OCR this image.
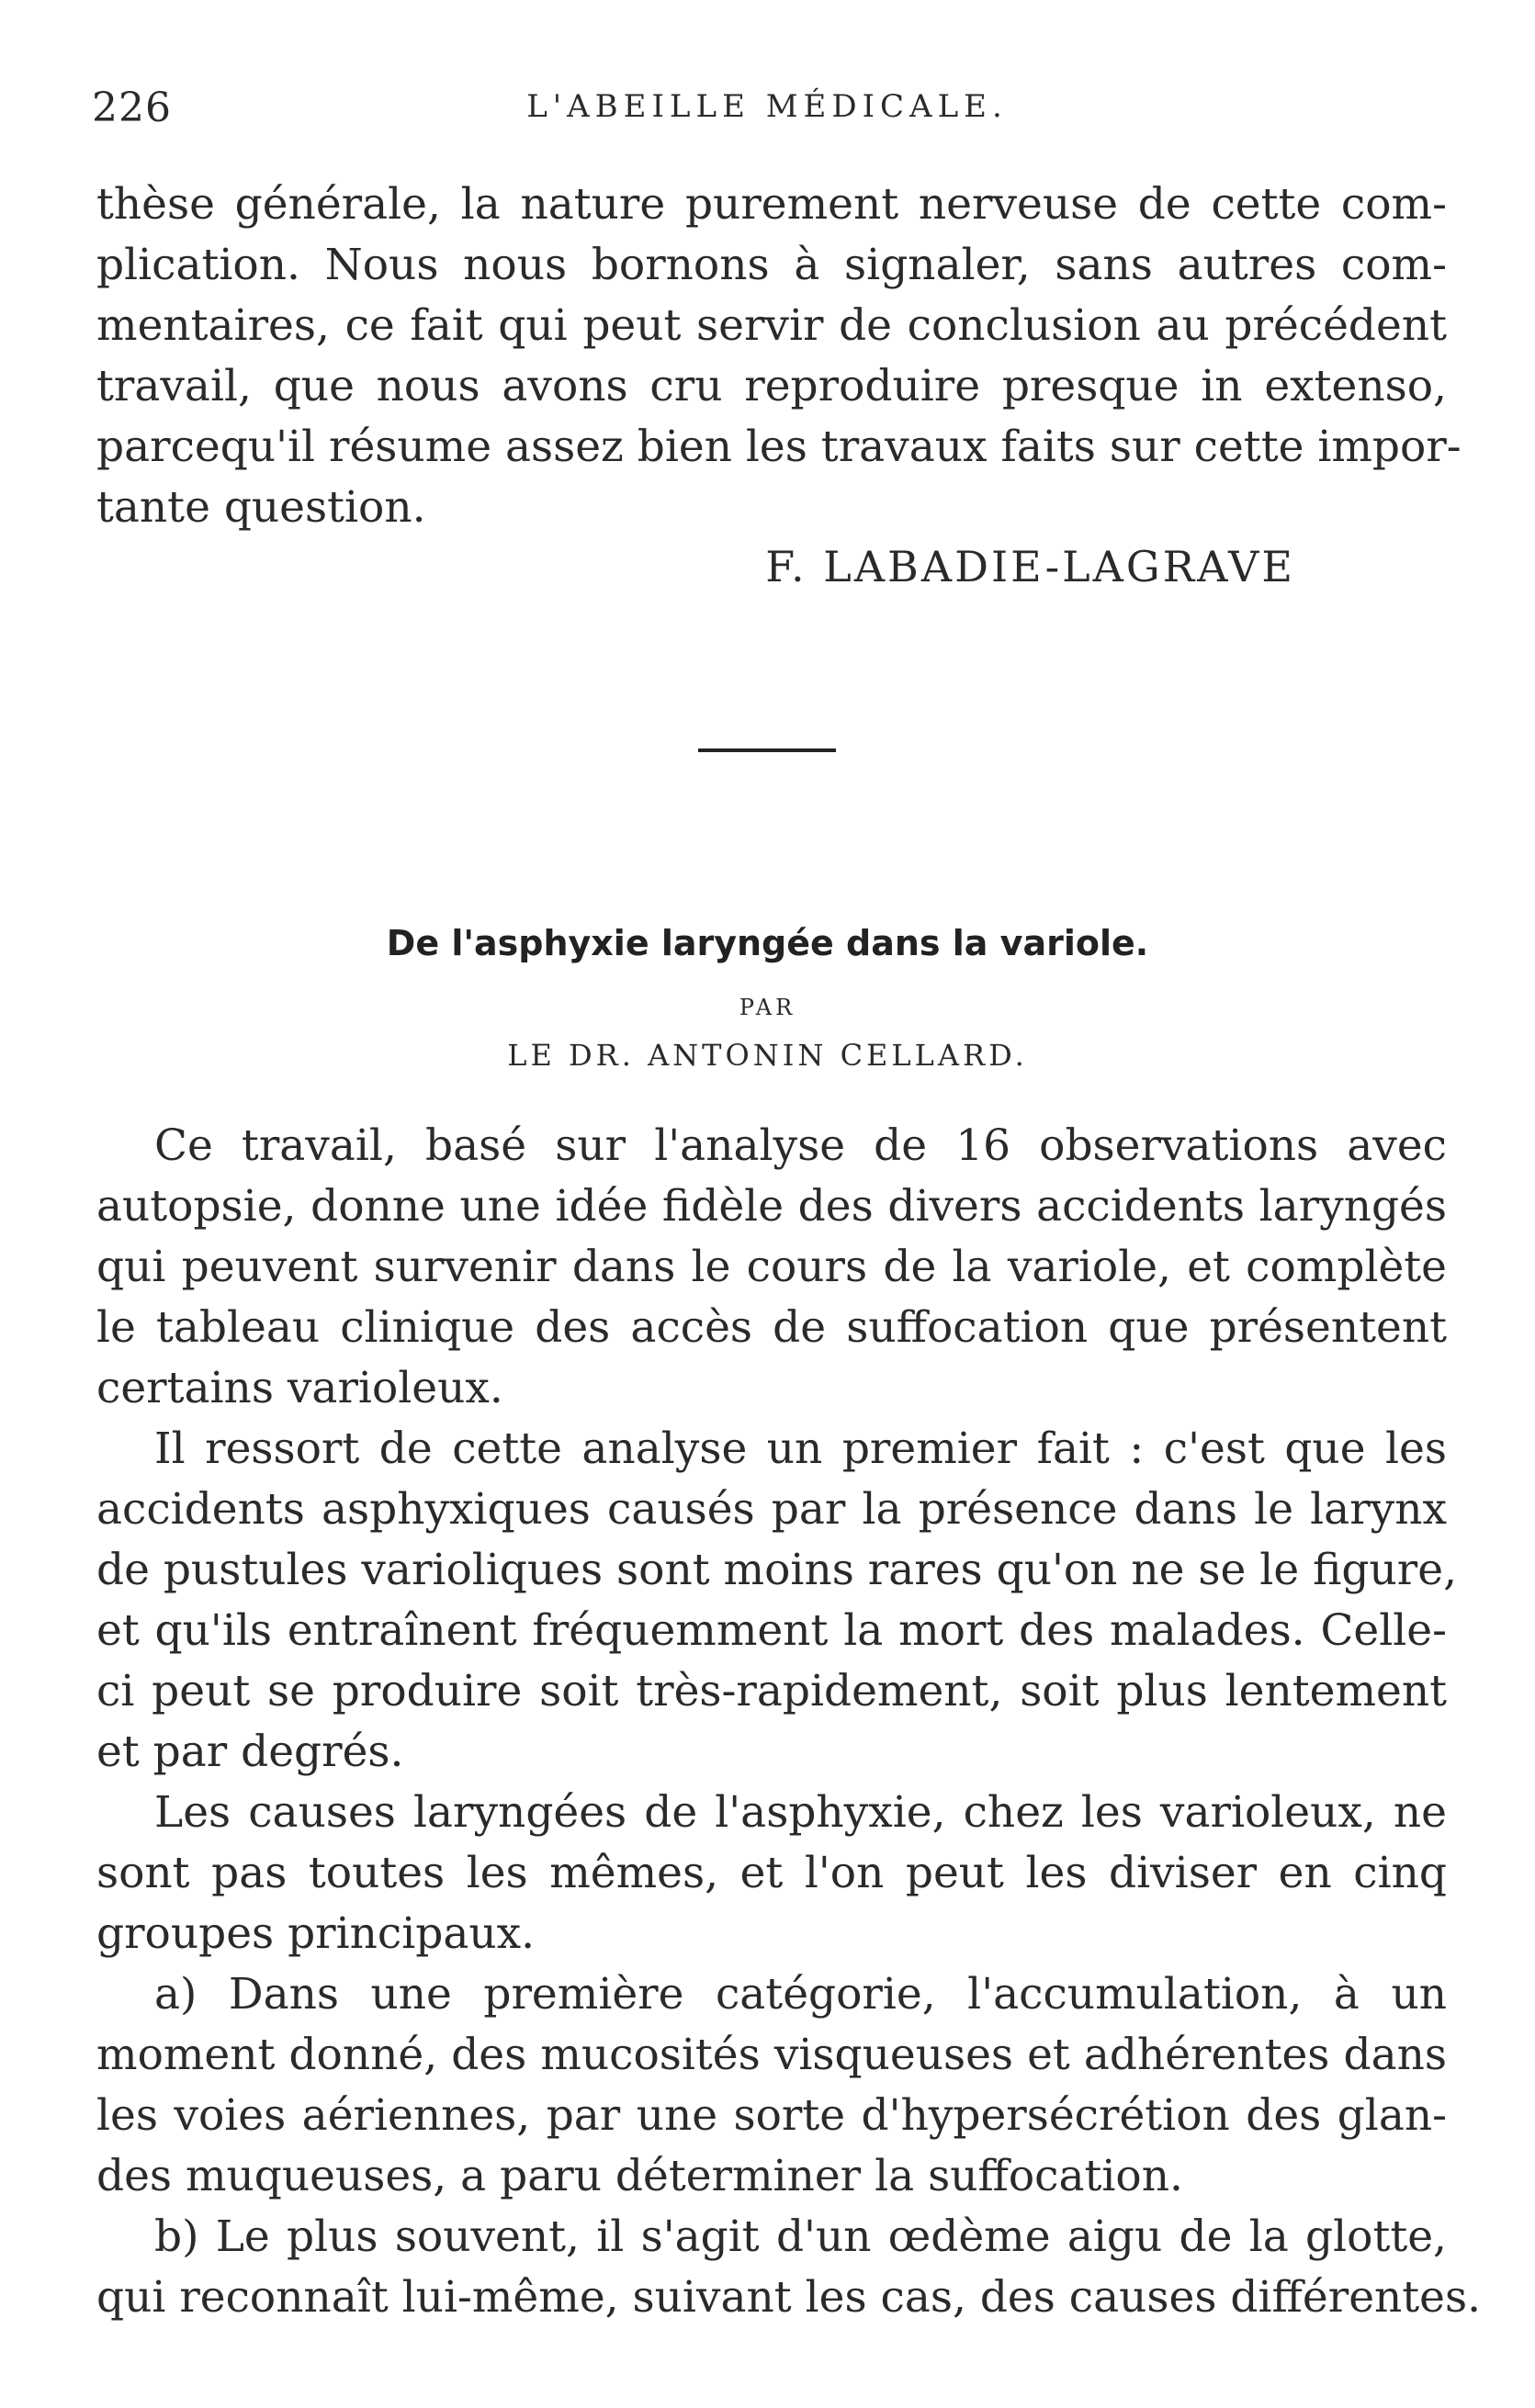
226	L'ABEILLE MÉDICALE.
thèse générale, la nature purement nerveuse de cette com-
plication. Nous nous bornons à signaler, sans autres com-
mentaires, ce fait qui peut servir de conclusion au précédent
travail, que nous avons cru reproduire presque in extenso,
parcequ'il résume assez bien les travaux faits sur cette impor-
tante question.
F. LABADIE-LAGRAVE
De l'asphyxie laryngée dans la variole.
PAR
LE DR. ANTONIN CELLARD.
Ce travail, basé sur l'analyse de 16 observations avec
autopsie, donne une idée fidèle des divers accidents laryngés
qui peuvent survenir dans le cours de la variole, et complète
le tableau clinique des accès de suffocation que présentent
certains varioleux.
Il ressort de cette analyse un premier fait : c'est que les
accidents asphyxiques causés par la présence dans le larynx
de pustules varioliques sont moins rares qu'on ne se le figure,
et qu'ils entraînent fréquemment la mort des malades. Celle-
ci peut se produire soit très-rapidement, soit plus lentement
et par degrés.
Les causes laryngées de l'asphyxie, chez les varioleux, ne
sont pas toutes les mêmes, et l'on peut les diviser en cinq
groupes principaux.
a) Dans une première catégorie, l'accumulation, à un
moment donné, des mucosités visqueuses et adhérentes dans
les voies aériennes, par une sorte d'hypersécrétion des glan-
des muqueuses, a paru déterminer la suffocation.
b) Le plus souvent, il s'agit d'un œdème aigu de la glotte,
qui reconnaît lui-même, suivant les cas, des causes différentes.
